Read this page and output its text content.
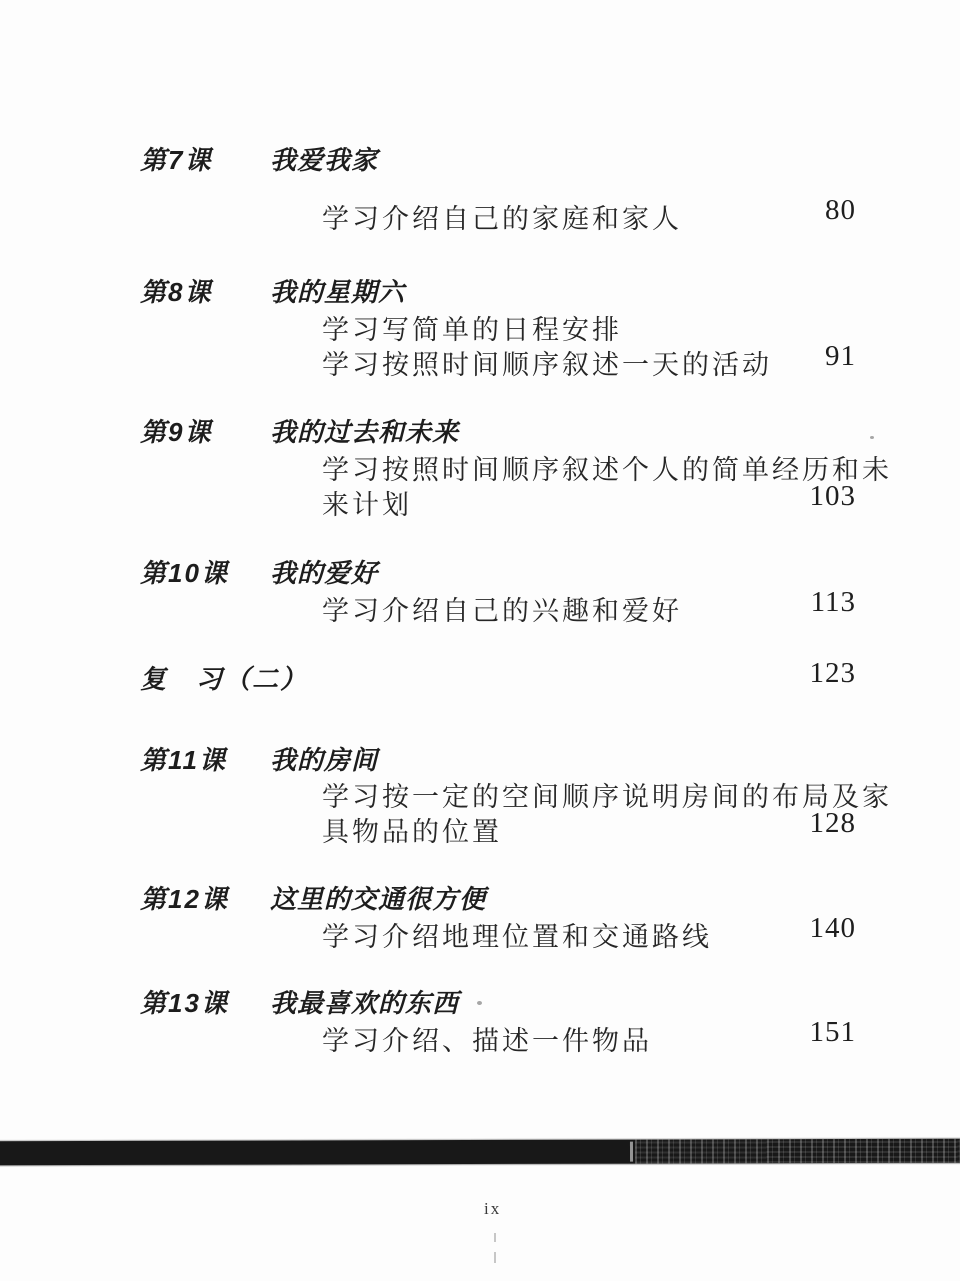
第7课 我爱我家
学习介绍自己的家庭和家人	80
第8课 我的星期六
学习写简单的日程安排
学习按照时间顺序叙述一天的活动 91
第9课 我的过去和未来
学习按照时间顺序叙述个人的简单经历和未
来计划	103
第10课 我的爱好
学习介绍自己的兴趣和爱好	113
复　习（二）	123
第11课 我的房间
学习按一定的空间顺序说明房间的布局及家
具物品的位置	128
第12课 这里的交通很方便
学习介绍地理位置和交通路线	140
第13课 我最喜欢的东西
学习介绍、描述一件物品	151
ix
